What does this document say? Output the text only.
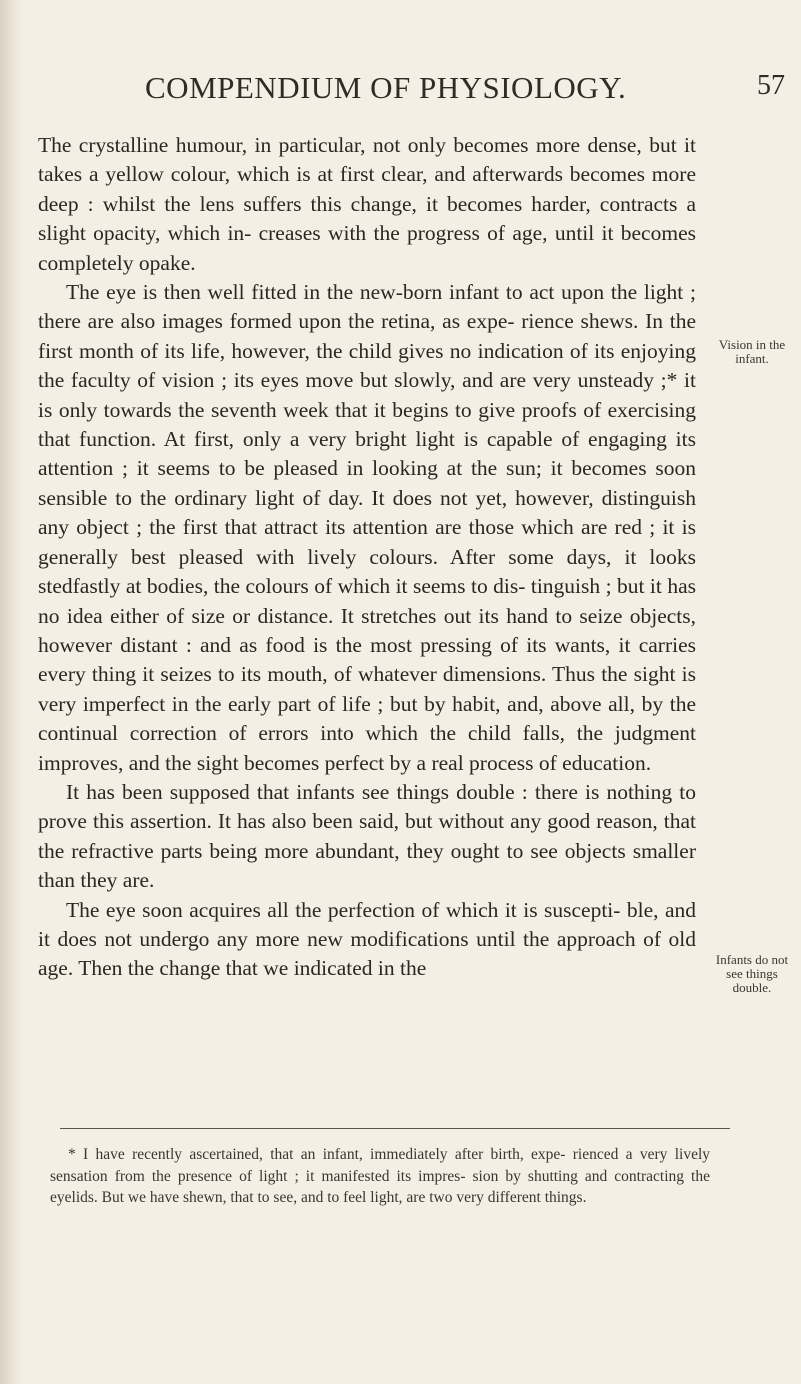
COMPENDIUM OF PHYSIOLOGY.	57

The crystalline humour, in particular, not only becomes more dense, but it takes a yellow colour, which is at first clear, and afterwards becomes more deep : whilst the lens suffers this change, it becomes harder, contracts a slight opacity, which in- creases with the progress of age, until it becomes completely opake.

The eye is then well fitted in the new-born infant to act upon the light ; there are also images formed upon the retina, as expe- rience shews. In the first month of its life, however, the child gives no indication of its enjoying the faculty of vision ; its eyes move but slowly, and are very unsteady ;* it is only towards the seventh week that it begins to give proofs of exercising that function. At first, only a very bright light is capable of engaging its attention ; it seems to be pleased in looking at the sun; it becomes soon sensible to the ordinary light of day. It does not yet, however, distinguish any object ; the first that attract its attention are those which are red ; it is generally best pleased with lively colours. After some days, it looks stedfastly at bodies, the colours of which it seems to dis- tinguish ; but it has no idea either of size or distance. It stretches out its hand to seize objects, however distant : and as food is the most pressing of its wants, it carries every thing it seizes to its mouth, of whatever dimensions. Thus the sight is very imperfect in the early part of life ; but by habit, and, above all, by the continual correction of errors into which the child falls, the judgment improves, and the sight becomes perfect by a real process of education.

It has been supposed that infants see things double : there is nothing to prove this assertion. It has also been said, but without any good reason, that the refractive parts being more abundant, they ought to see objects smaller than they are.

The eye soon acquires all the perfection of which it is suscepti- ble, and it does not undergo any more new modifications until the approach of old age. Then the change that we indicated in the

Vision in the infant.
Infants do not see things double.

* I have recently ascertained, that an infant, immediately after birth, expe- rienced a very lively sensation from the presence of light ; it manifested its impres- sion by shutting and contracting the eyelids. But we have shewn, that to see, and to feel light, are two very different things.
